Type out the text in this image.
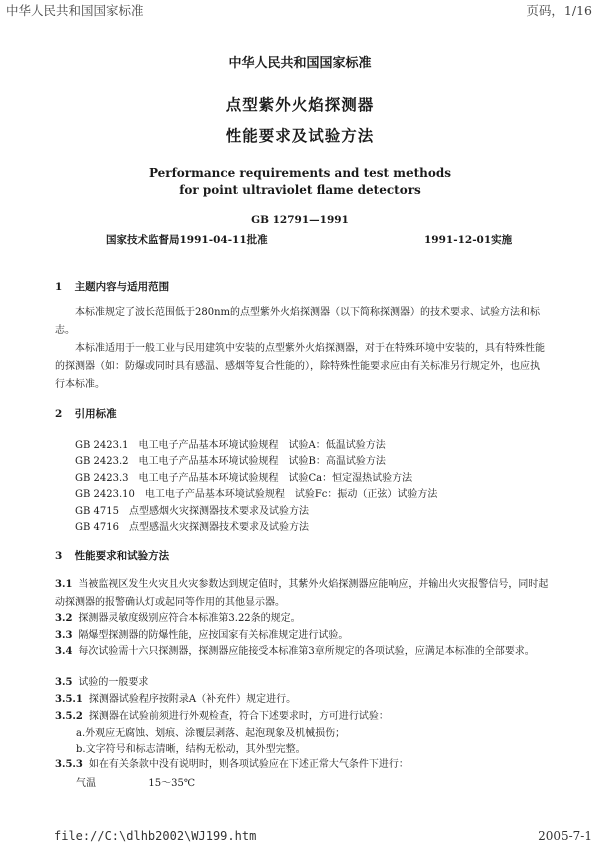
中华人民共和国国家标准	页码，1/16
中华人民共和国国家标准
点型紫外火焰探测器
性能要求及试验方法
Performance requirements and test methods
for point ultraviolet flame detectors
GB 12791—1991
国家技术监督局1991-04-11批准	1991-12-01实施
1 主题内容与适用范围
本标准规定了波长范围低于280nm的点型紫外火焰探测器（以下简称探测器）的技术要求、试验方法和标志。
本标准适用于一般工业与民用建筑中安装的点型紫外火焰探测器，对于在特殊环境中安装的，具有特殊性能的探测器（如：防爆或同时具有感温、感烟等复合性能的），除特殊性能要求应由有关标准另行规定外，也应执行本标准。
2 引用标准
GB 2423.1　电工电子产品基本环境试验规程　试验A：低温试验方法
GB 2423.2　电工电子产品基本环境试验规程　试验B：高温试验方法
GB 2423.3　电工电子产品基本环境试验规程　试验Ca：恒定湿热试验方法
GB 2423.10　电工电子产品基本环境试验规程　试验Fc：振动（正弦）试验方法
GB 4715　点型感烟火灾探测器技术要求及试验方法
GB 4716　点型感温火灾探测器技术要求及试验方法
3 性能要求和试验方法
3.1 当被监视区发生火灾且火灾参数达到规定值时，其紫外火焰探测器应能响应，并输出火灾报警信号，同时起动探测器的报警确认灯或起同等作用的其他显示器。
3.2 探测器灵敏度级别应符合本标准第3.22条的规定。
3.3 隔爆型探测器的防爆性能，应按国家有关标准规定进行试验。
3.4 每次试验需十六只探测器，探测器应能接受本标准第3章所规定的各项试验，应满足本标准的全部要求。
3.5 试验的一般要求
3.5.1 探测器试验程序按附录A（补充件）规定进行。
3.5.2 探测器在试验前须进行外观检查，符合下述要求时，方可进行试验：
a.外观应无腐蚀、划痕、涂覆层剥落、起泡现象及机械损伤；
b.文字符号和标志清晰，结构无松动，其外型完整。
3.5.3 如在有关条款中没有说明时，则各项试验应在下述正常大气条件下进行：
气温	15～35℃
file://C:\dlhb2002\WJ199.htm	2005-7-1
